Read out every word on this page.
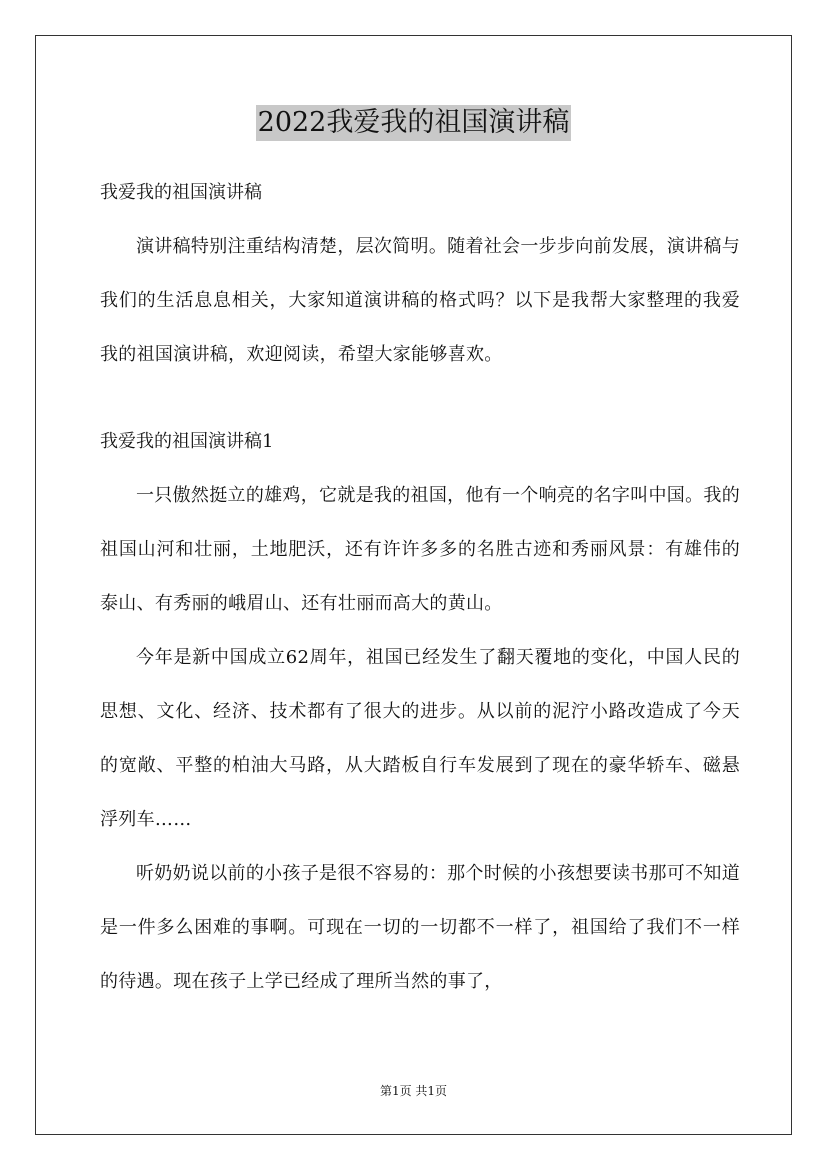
2022我爱我的祖国演讲稿

我爱我的祖国演讲稿

演讲稿特别注重结构清楚，层次简明。随着社会一步步向前发展，演讲稿与我们的生活息息相关，大家知道演讲稿的格式吗？以下是我帮大家整理的我爱我的祖国演讲稿，欢迎阅读，希望大家能够喜欢。

我爱我的祖国演讲稿1

一只傲然挺立的雄鸡，它就是我的祖国，他有一个响亮的名字叫中国。我的祖国山河和壮丽，土地肥沃，还有许许多多的名胜古迹和秀丽风景：有雄伟的泰山、有秀丽的峨眉山、还有壮丽而高大的黄山。

今年是新中国成立62周年，祖国已经发生了翻天覆地的变化，中国人民的思想、文化、经济、技术都有了很大的进步。从以前的泥泞小路改造成了今天的宽敞、平整的柏油大马路，从大踏板自行车发展到了现在的豪华轿车、磁悬浮列车……

听奶奶说以前的小孩子是很不容易的：那个时候的小孩想要读书那可不知道是一件多么困难的事啊。可现在一切的一切都不一样了，祖国给了我们不一样的待遇。现在孩子上学已经成了理所当然的事了，

第1页 共1页
